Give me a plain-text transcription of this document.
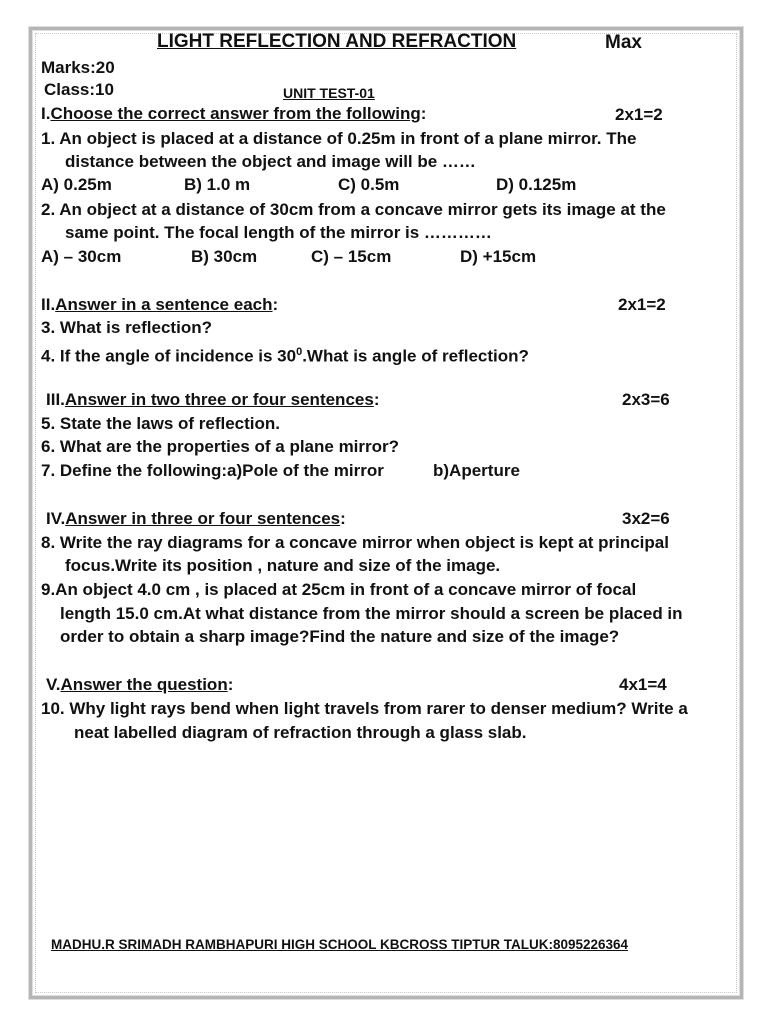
LIGHT REFLECTION AND REFRACTION	Max
Marks:20
Class:10	UNIT TEST-01
I.Choose the correct answer from the following:	2x1=2
1. An object is placed at a distance of 0.25m in front of a plane mirror. The
distance between the object and image will be ……
A) 0.25m	B) 1.0 m	C) 0.5m	D) 0.125m
2. An object at a distance of 30cm from a concave mirror gets its image at the
same point. The focal length of the mirror is …………
A) – 30cm	B) 30cm	C) – 15cm	D) +15cm
II.Answer in a sentence each:	2x1=2
3. What is reflection?
4. If the angle of incidence is $30^0.What$ is angle of reflection?
III.Answer in two three or four sentences:	2x3=6
5. State the laws of reflection.
6. What are the properties of a plane mirror?
7. Define the following:a)Pole of the mirror	b)Aperture
IV.Answer in three or four sentences:	3x2=6
8. Write the ray diagrams for a concave mirror when object is kept at principal
focus.Write its position , nature and size of the image.
9.An object 4.0 cm , is placed at 25cm in front of a concave mirror of focal
length 15.0 cm.At what distance from the mirror should a screen be placed in
order to obtain a sharp image?Find the nature and size of the image?
V.Answer the question:	4x1=4
10. Why light rays bend when light travels from rarer to denser medium? Write a
neat labelled diagram of refraction through a glass slab.
MADHU.R SRIMADH RAMBHAPURI HIGH SCHOOL KBCROSS TIPTUR TALUK:8095226364
